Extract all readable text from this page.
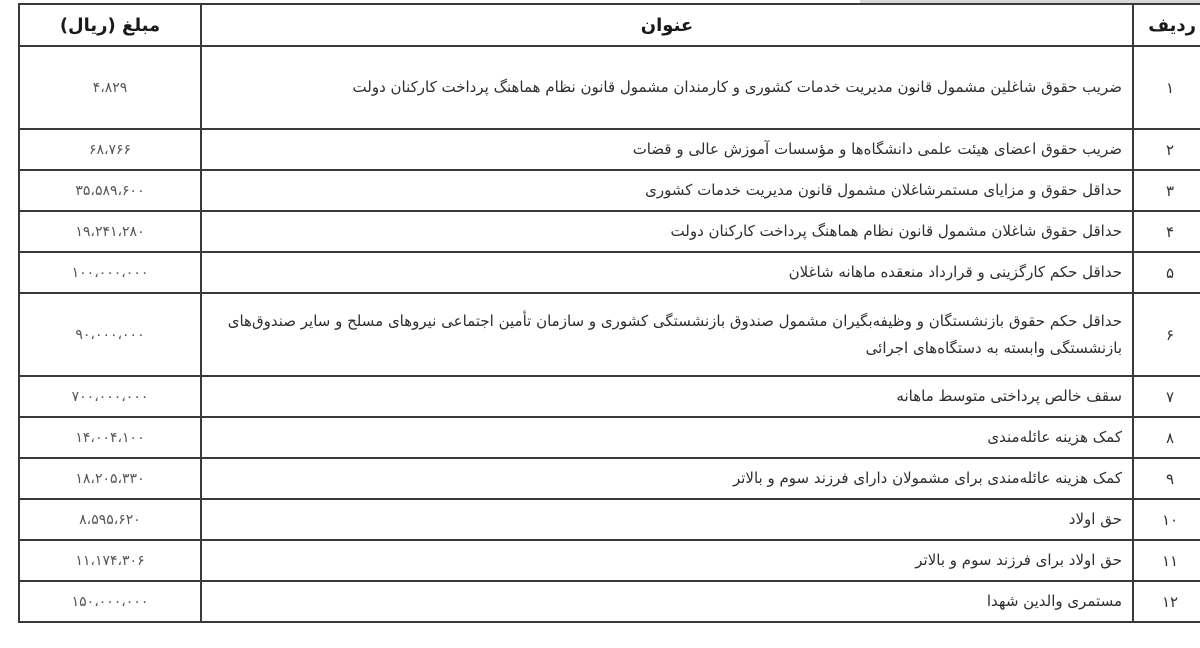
ردیف	عنوان	مبلغ (ریال)
۱	ضریب حقوق شاغلین مشمول قانون مدیریت خدمات کشوری و کارمندان مشمول قانون نظام هماهنگ پرداخت کارکنان دولت	۴،۸۲۹
۲	ضریب حقوق اعضای هیئت علمی دانشگاه‌ها و مؤسسات آموزش عالی و قضات	۶۸،۷۶۶
۳	حداقل حقوق و مزایای مستمرشاغلان مشمول قانون مدیریت خدمات کشوری	۳۵،۵۸۹،۶۰۰
۴	حداقل حقوق شاغلان مشمول قانون نظام هماهنگ پرداخت کارکنان دولت	۱۹،۲۴۱،۲۸۰
۵	حداقل حکم کارگزینی و قرارداد منعقده ماهانه شاغلان	۱۰۰،۰۰۰،۰۰۰
۶	حداقل حکم حقوق بازنشستگان و وظیفه‌بگیران مشمول صندوق بازنشستگی کشوری و سازمان تأمین اجتماعی نیروهای مسلح و سایر صندوق‌های بازنشستگی وابسته به دستگاه‌های اجرائی	۹۰،۰۰۰،۰۰۰
۷	سقف خالص پرداختی متوسط ماهانه	۷۰۰،۰۰۰،۰۰۰
۸	کمک هزینه عائله‌مندی	۱۴،۰۰۴،۱۰۰
۹	کمک هزینه عائله‌مندی برای مشمولان دارای فرزند سوم و بالاتر	۱۸،۲۰۵،۳۳۰
۱۰	حق اولاد	۸،۵۹۵،۶۲۰
۱۱	حق اولاد برای فرزند سوم و بالاتر	۱۱،۱۷۴،۳۰۶
۱۲	مستمری والدین شهدا	۱۵۰،۰۰۰،۰۰۰
